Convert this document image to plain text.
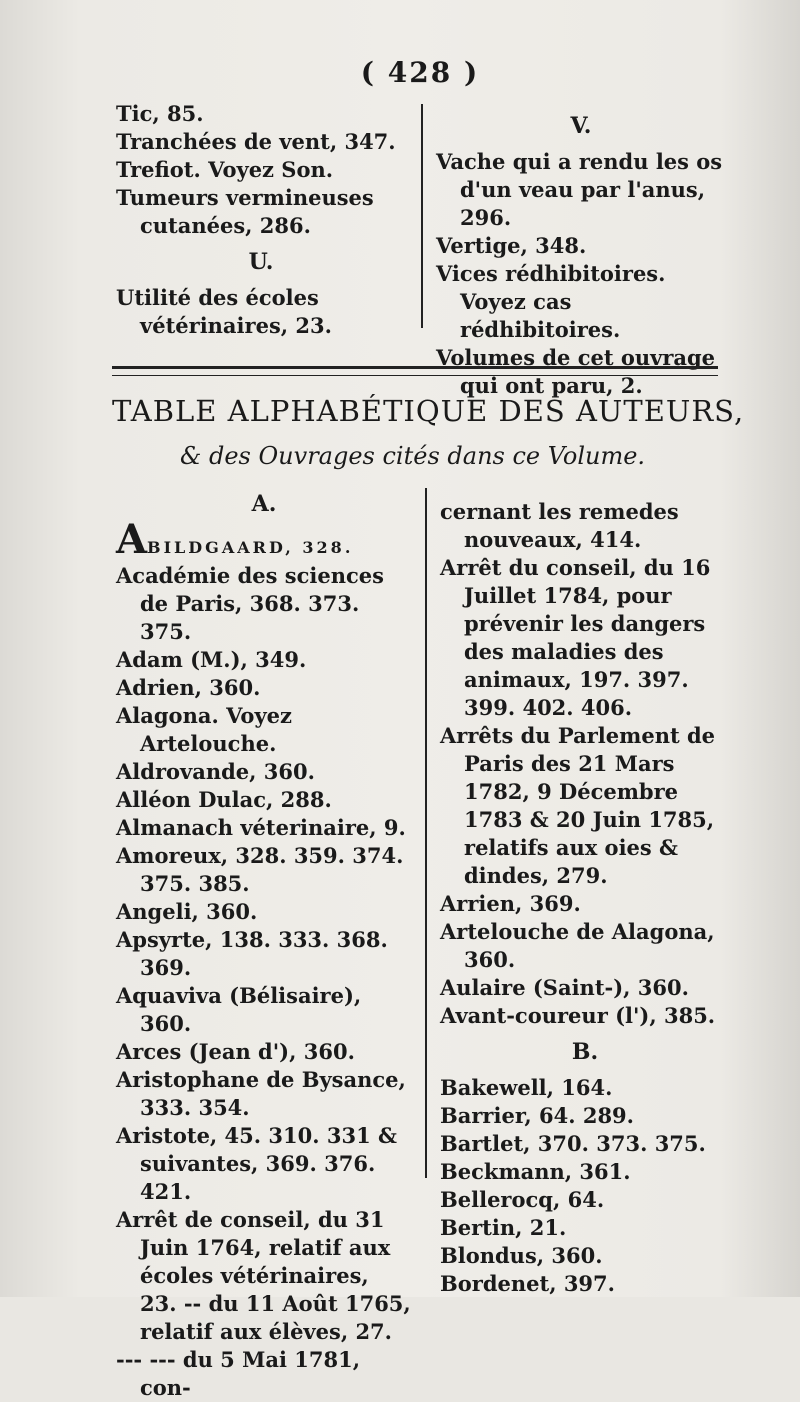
( 428 )

Tic, 85.

Tranchées de vent, 347.

Trefiot. Voyez Son.

Tumeurs vermineuses cutanées, 286.

U.

Utilité des écoles vétérinaires, 23.

V.

Vache qui a rendu les os d'un veau par l'anus, 296.

Vertige, 348.

Vices rédhibitoires. Voyez cas rédhibitoires.

Volumes de cet ouvrage qui ont paru, 2.

TABLE ALPHABÉTIQUE DES AUTEURS,
& des Ouvrages cités dans ce Volume.
A.

ABILDGAARD, 328.

Académie des sciences de Paris, 368. 373. 375.

Adam (M.), 349.

Adrien, 360.

Alagona. Voyez Artelouche.

Aldrovande, 360.

Alléon Dulac, 288.

Almanach véterinaire, 9.

Amoreux, 328. 359. 374. 375. 385.

Angeli, 360.

Apsyrte, 138. 333. 368. 369.

Aquaviva (Bélisaire), 360.

Arces (Jean d'), 360.

Aristophane de Bysance, 333. 354.

Aristote, 45. 310. 331 & suivantes, 369. 376. 421.

Arrêt de conseil, du 31 Juin 1764, relatif aux écoles vétérinaires, 23. -- du 11 Août 1765, relatif aux élèves, 27.

--- --- du 5 Mai 1781, con-

cernant les remedes nouveaux, 414.

Arrêt du conseil, du 16 Juillet 1784, pour prévenir les dangers des maladies des animaux, 197. 397. 399. 402. 406.

Arrêts du Parlement de Paris des 21 Mars 1782, 9 Décembre 1783 & 20 Juin 1785, relatifs aux oies & dindes, 279.

Arrien, 369.

Artelouche de Alagona, 360.

Aulaire (Saint-), 360.

Avant-coureur (l'), 385.

B.

Bakewell, 164.

Barrier, 64. 289.

Bartlet, 370. 373. 375.

Beckmann, 361.

Bellerocq, 64.

Bertin, 21.

Blondus, 360.

Bordenet, 397.
